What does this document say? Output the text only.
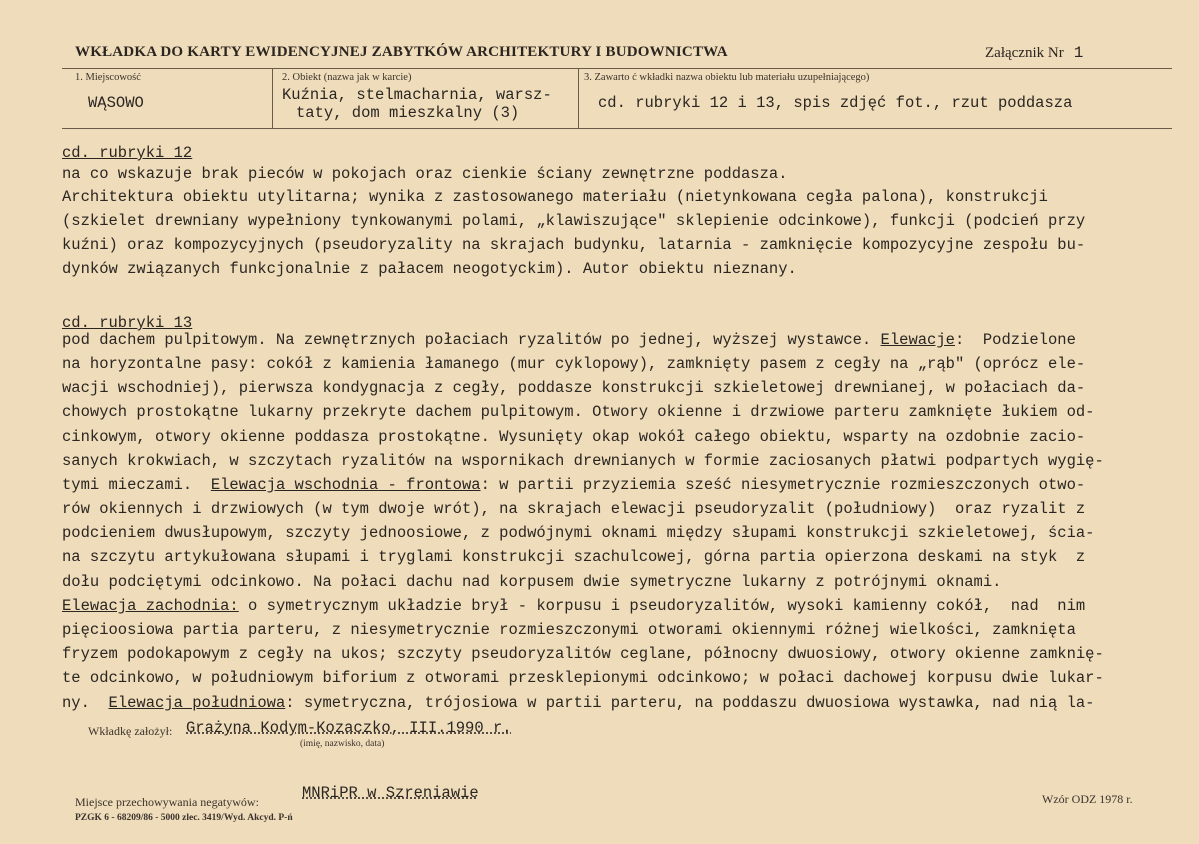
WKŁADKA DO KARTY EWIDENCYJNEJ ZABYTKÓW ARCHITEKTURY I BUDOWNICTWA	Załącznik Nr 1
1. Miejscowość
WĄSOWO
2. Obiekt (nazwa jak w karcie)
Kuźnia, stelmacharnia, warsz-
taty, dom mieszkalny (3)
3. Zawarto ć wkładki nazwa obiektu lub materiału uzupełniającego)
cd. rubryki 12 i 13, spis zdjęć fot., rzut poddasza
cd. rubryki 12
na co wskazuje brak pieców w pokojach oraz cienkie ściany zewnętrzne poddasza.
Architektura obiektu utylitarna; wynika z zastosowanego materiału (nietynkowana cegła palona), konstrukcji
(szkielet drewniany wypełniony tynkowanymi polami, „klawiszujące" sklepienie odcinkowe), funkcji (podcień przy
kuźni) oraz kompozycyjnych (pseudoryzality na skrajach budynku, latarnia - zamknięcie kompozycyjne zespołu bu-
dynków związanych funkcjonalnie z pałacem neogotyckim). Autor obiektu nieznany.
cd. rubryki 13
pod dachem pulpitowym. Na zewnętrznych połaciach ryzalitów po jednej, wyższej wystawce. Elewacje:  Podzielone
na horyzontalne pasy: cokół z kamienia łamanego (mur cyklopowy), zamknięty pasem z cegły na „rąb" (oprócz ele-
wacji wschodniej), pierwsza kondygnacja z cegły, poddasze konstrukcji szkieletowej drewnianej, w połaciach da-
chowych prostokątne lukarny przekryte dachem pulpitowym. Otwory okienne i drzwiowe parteru zamknięte łukiem od-
cinkowym, otwory okienne poddasza prostokątne. Wysunięty okap wokół całego obiektu, wsparty na ozdobnie zacio-
sanych krokwiach, w szczytach ryzalitów na wspornikach drewnianych w formie zaciosanych płatwi podpartych wygię-
tymi mieczami.  Elewacja wschodnia - frontowa: w partii przyziemia sześć niesymetrycznie rozmieszczonych otwo-
rów okiennych i drzwiowych (w tym dwoje wrót), na skrajach elewacji pseudoryzalit (południowy)  oraz ryzalit z
podcieniem dwusłupowym, szczyty jednoosiowe, z podwójnymi oknami między słupami konstrukcji szkieletowej, ścia-
na szczytu artykułowana słupami i tryglami konstrukcji szachulcowej, górna partia opierzona deskami na styk  z
dołu podciętymi odcinkowo. Na połaci dachu nad korpusem dwie symetryczne lukarny z potrójnymi oknami.
Elewacja zachodnia: o symetrycznym układzie brył - korpusu i pseudoryzalitów, wysoki kamienny cokół,  nad  nim
pięcioosiowa partia parteru, z niesymetrycznie rozmieszczonymi otworami okiennymi różnej wielkości, zamknięta
fryzem podokapowym z cegły na ukos; szczyty pseudoryzalitów ceglane, północny dwuosiowy, otwory okienne zamknię-
te odcinkowo, w południowym biforium z otworami przesklepionymi odcinkowo; w połaci dachowej korpusu dwie lukar-
ny.  Elewacja południowa: symetryczna, trójosiowa w partii parteru, na poddaszu dwuosiowa wystawka, nad nią la-
Wkładkę założył: Grażyna Kodym-Kozaczko, III.1990 r.
(imię, nazwisko, data)
Miejsce przechowywania negatywów:	MNRiPR w Szreniawie	Wzór ODZ 1978 r.
PZGK 6 - 68209/86 - 5000 zlec. 3419/Wyd. Akcyd. P-ń
